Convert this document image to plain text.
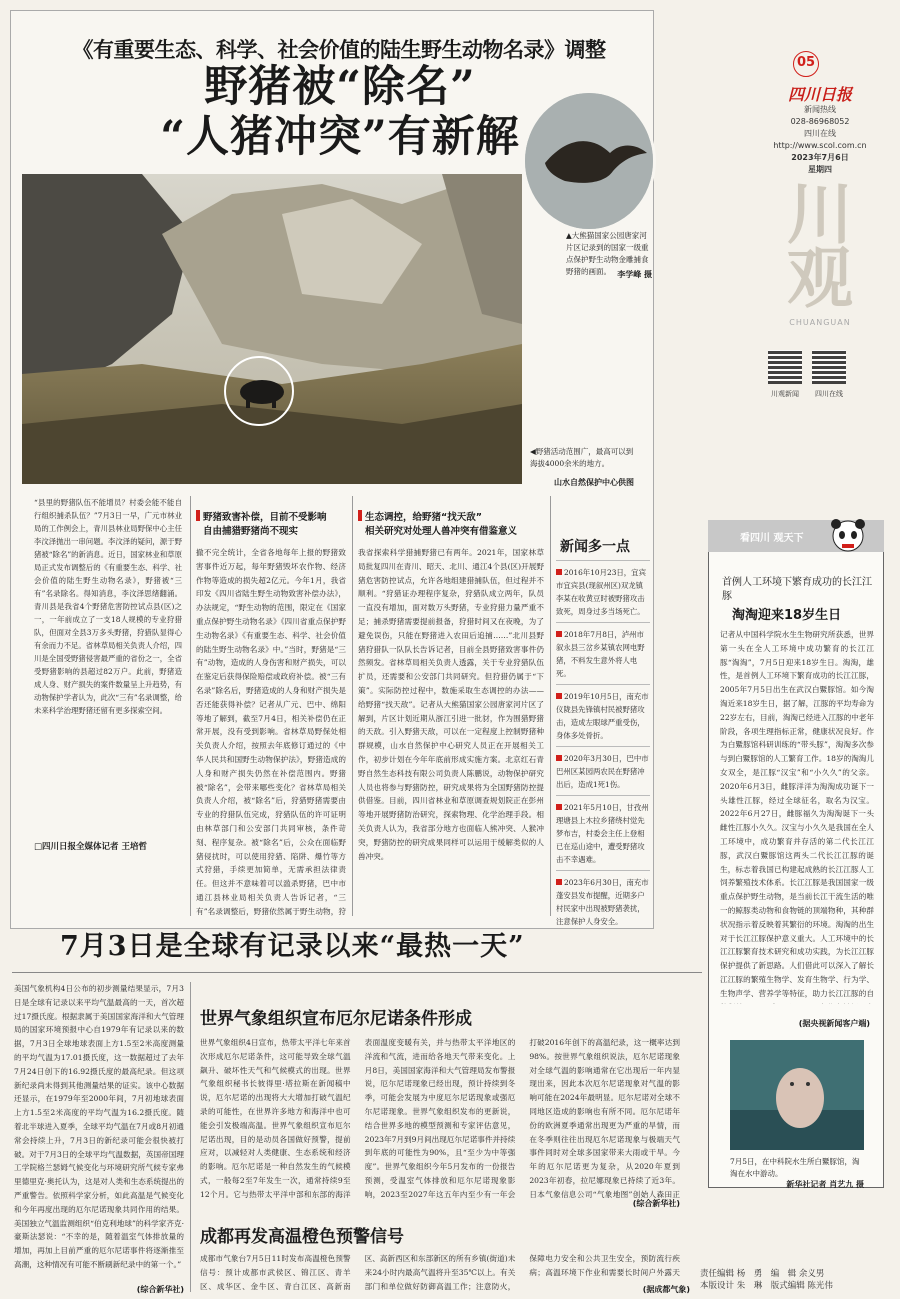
《有重要生态、科学、社会价值的陆生野生动物名录》调整
野猪被“除名”
“人猪冲突”有新解
▲大熊猫国家公园唐家河片区记录到的国家一级重点保护野生动物金雕捕食野猪的画面。 李学峰 摄
◀野猪活动范围广，最高可以到海拔4000余米的地方。
山水自然保护中心供图
“县里的野猪队伍不能增员？村委会能不能自行组织捕杀队伍？”7月3日一早，广元市林业局的工作例会上，青川县林业局野保中心主任李汶泽抛出一串问题。李汶泽的疑问，源于野猪被“除名”的新消息。近日，国家林业和草原局正式发布调整后的《有重要生态、科学、社会价值的陆生野生动物名录》，野猪被“三有”名录除名。得知消息，李汶泽思绪翻涌。青川县是我省4个野猪危害防控试点县(区)之一，一年前成立了一支18人规模的专业狩猎队，但面对全县3万多头野猪，狩猎队显得心有余而力不足。省林草局相关负责人介绍，四川是全国受野猪侵害最严重的省份之一，全省受野猪影响的县超过82万户。此前，野猪造成人身、财产损失的案件数量呈上升趋势，有动物保护学者认为，此次“三有”名录调整，给未来科学治理野猪还留有更多探索空间。
□四川日报全媒体记者 王培哲
野猪致害补偿，目前不受影响
自由捕猎野猪尚不现实
撤不完全统计，全省各地每年上报的野猪致害事件近万起，每年野猪毁坏农作物、经济作物等造成的损失超2亿元。今年1月，我省印发《四川省陆生野生动物致害补偿办法》，办法规定，“野生动物的范围，限定在《国家重点保护野生动物名录》《四川省重点保护野生动物名录》《有重要生态、科学、社会价值的陆生野生动物名录》中。”当时，野猪是“三有”动物，造成的人身伤害和财产损失，可以在鉴定后获得保险赔偿或政府补偿。被“三有名录”除名后，野猪造成的人身和财产损失是否还能获得补偿？记者从广元、巴中、绵阳等地了解到，截至7月4日，相关补偿仍在正常开展，没有受到影响。省林草局野保处相关负责人介绍，按照去年底修订通过的《中华人民共和国野生动物保护法》，野猪造成的人身和财产损失仍然在补偿范围内。野猪被“除名”，会带来哪些变化？省林草局相关负责人介绍，被“除名”后，狩猎野猪需要由专业的狩猎队伍完成，狩猎队伍的许可证明由林草部门和公安部门共同审核，条件苛刻、程序复杂。被“除名”后，公众在面临野猪侵扰时，可以使用狩猎、陷阱、爆竹等方式狩猎，手续更加简单，无需承担法律责任。但这并不意味着可以滥杀野猪，巴中市通江县林业局相关负责人告诉记者，“三有”名录调整后，野猪依然属于野生动物，狩
生态调控，给野猪“找天敌”
相关研究对处理人兽冲突有借鉴意义
我省探索科学猎捕野猪已有两年。2021年，国家林草局批复四川在青川、昭天、北川、通江4个县(区)开展野猪危害防控试点，允许各地组建猎捕队伍，但过程并不顺利。“狩猎证办理程序复杂，狩猎队成立两年，队员一直没有增加，面对数万头野猪，专业狩猎力量严重不足；捕杀野猪需要提前报备，狩猎时间又在夜晚，为了避免误伤，只能在野猪进入农田后追捕……”北川县野猪狩猎队一队队长告诉记者，目前全县野猪致害事件仍然频发。省林草局相关负责人透露，关于专业狩猎队伍扩员，还需要和公安部门共同研究。但狩猎仍属于“下策”。实际防控过程中，数施采取生态调控的办法——给野猪“找天敌”。记者从大熊猫国家公园唐家河片区了解到，片区计划近期从浙江引进一批豺，作为围猎野猪的天敌。引入野猪天敌，可以在一定程度上控制野猪种群规模，山水自然保护中心研究人员正在开展相关工作，初步计划在今年年底前形成实施方案。北京红石青野自然生态科技有限公司负责人陈鹏说，动物保护研究人员也将参与野猪防控，研究成果将为全国野猪防控提供借鉴。目前，四川省林业和草原调查规划院正在彭州等地开展野猪防治研究，探索物理、化学治理手段。相关负责人认为，我省部分地方也面临人熊冲突、人猴冲突，野猪防控的研究成果同样可以运用于缓解类似的人兽冲突。
新闻多一点
2016年10月23日，宜宾市宜宾县(现叙州区)双龙镇李某在收黄豆时被野猪攻击致死，周身过多当场死亡。
2018年7月8日，泸州市叙永县三岔乡某镇农网电野猪，不料发生意外将人电死。
2019年10月5日，南充市仪陇县先锋镇村民被野猪攻击，造成左眼球严重受伤，身体多处骨折。
2020年3月30日，巴中市巴州区某园两农民在野猪冲出后，造成1死1伤。
2021年5月10日，甘孜州理塘县上木拉乡猪绕村觉先梦布吉，村委会主任上登相已在巡山途中，遭受野猪攻击不幸遇难。
2023年6月30日，南充市蓬安县发布提醒，近期多户村民家中出现被野猪袭扰，注意保护人身安全。
05
四川日报
新闻热线
028-86968052
四川在线
http://www.scol.com.cn
2023年7月6日
星期四
川观
CHUANGUAN
川观新闻	四川在线
看四川 观天下
首例人工环境下繁育成功的长江江豚
淘淘迎来18岁生日
记者从中国科学院水生生物研究所获悉，世界第一头在全人工环境中成功繁育的长江江豚“淘淘”，7月5日迎来18岁生日。淘淘，雄性，是首例人工环境下繁育成功的长江江豚，2005年7月5日出生在武汉白鱀豚馆。如今淘淘近来18岁生日，据了解，江豚的平均寿命为22岁左右，目前，淘淘已经进入江豚的中老年阶段，各项生理指标正常，健康状况良好。作为白鱀豚馆科研训练的“带头豚”，淘淘多次参与到白鱀豚馆的人工繁育工作。18岁的淘淘儿女双全，是江豚“汉宝”和“小久久”的父亲。2020年6月3日，雌豚洋洋为淘淘成功诞下一头雄性江豚，经过全球征名，取名为汉宝。2022年6月27日，雌豚福久为淘淘诞下一头雌性江豚小久久。汉宝与小久久是我国在全人工环境中，成功繁育并存活的第二代长江江豚，武汉白鱀豚馆这两头二代长江江豚的诞生，标志着我国已构建起成熟的长江江豚人工饲养繁殖技术体系。长江江豚是我国国家一级重点保护野生动物，是当前长江干流生活的唯一的鲸豚类动物和食物链的顶端物种，其种群状况指示着反映着其繁衍的环境。淘淘的出生对于长江江豚保护意义重大。人工环境中的长江江豚繁育技术研究和成功实践，为长江江豚保护提供了新思路。人们借此可以深入了解长江江豚的繁殖生物学、发育生物学、行为学、生物声学、营养学等特征，助力长江江豚的自
(据央视新闻客户端)
7月5日，在中科院水生所白鱀豚馆，淘淘在水中游动。
新华社记者 肖艺九 摄
7月3日是全球有记录以来“最热一天”
美国气象机构4日公布的初步测量结果显示，7月3日是全球有记录以来平均气温最高的一天，首次超过17摄氏度。根据隶属于美国国家海洋和大气管理局的国家环境预报中心自1979年有记录以来的数据，7月3日全球地球表面上方1.5至2米高度测量的平均气温为17.01摄氏度，这一数据超过了去年7月24日创下的16.92摄氏度的最高纪录。但这项新纪录尚未得到其他测量结果的证实。该中心数据还显示，在1979年至2000年间，7月初地球表面上方1.5至2米高度的平均气温为16.2摄氏度。随着北半球进入夏季，全球平均气温在7月或8月初通常会持续上升，7月3日的新纪录可能会很快被打破。对于7月3日的全球平均气温数据，英国帝国理工学院格兰瑟姆气候变化与环境研究所气候专家弗里德里克·奥托认为，这是对人类和生态系统提出的严重警告。依照科学家分析，如此高温是气候变化和今年再度出现的厄尔尼诺现象共同作用的结果。美国独立气温监测组织“伯克利地球”的科学家齐克·豪斯法瑟说：“不幸的是，随着温室气体排放量的增加，再加上目前严重的厄尔尼诺事件将逐渐推至高潮，这种情况有可能不断刷新纪录中的第一个。”
(综合新华社)
世界气象组织宣布厄尔尼诺条件形成
世界气象组织4日宣布，热带太平洋七年来首次形成厄尔尼诺条件，这可能导致全球气温飙升、破坏性天气和气候模式的出现。世界气象组织秘书长彼得里·塔拉斯在新闻稿中说，厄尔尼诺的出现将大大增加打破气温纪录的可能性，在世界许多地方和海洋中也可能会引发极端高温。世界气象组织宣布厄尔尼诺出现，目的是动员各国做好预警，提前应对，以减轻对人类健康、生态系统和经济的影响。厄尔尼诺是一种自然发生的气候模式，一般每2至7年发生一次，通常持续9至12个月。它与热带太平洋中部和东部的海洋表面温度变暖有关，并与热带太平洋地区的洋流和气流，进而给各地天气带来变化。上月8日，美国国家海洋和大气管理局发布警报说，厄尔尼诺现象已经出现，预计持续到冬季，可能会发展为中度厄尔尼诺现象或强厄尔尼诺现象。世界气象组织发布的更新说，结合世界多地的模型预测和专家评估意见，2023年7月到9月间出现厄尔尼诺事件并持续到年底的可能性为90%，且“至少为中等强度”。世界气象组织今年5月发布的一份报告预测，受温室气体排放和厄尔尼诺现象影响，2023至2027年这五年内至少有一年会打破2016年创下的高温纪录，这一概率达到98%。按世界气象组织说法，厄尔尼诺现象对全球气温的影响通常在它出现后一年内显现出来，因此本次厄尔尼诺现象对气温的影响可能在2024年最明显。厄尔尼诺对全球不同地区造成的影响也有所不同。厄尔尼诺年份的欧洲夏季通常出现更为严重的旱情，而在冬季则往往出现厄尔尼诺现象与极端天气事件同时对全球多国家带来大雨或干旱。今年的厄尔尼诺更为复杂，从2020年夏到2023年初春，拉尼娜现象已持续了近3年。日本气象信息公司“气象地图”创始人森田正
(综合新华社)
成都再发高温橙色预警信号
成都市气象台7月5日11时发布高温橙色预警信号：预计成都市武侯区、锦江区、青羊区、成华区、金牛区、青白江区、高新南区、高新西区和东部新区的所有乡镇(街道)未来24小时内最高气温将升至35℃以上。有关部门和单位做好防御高温工作；注意防火，保障电力安全和公共卫生安全，预防流行疾病；高温环境下作业和需要长时间户外露天
(据成都气象)
责任编辑 杨　勇　编　辑 余义男
本版设计 朱　琳　版式编辑 陈光伟
